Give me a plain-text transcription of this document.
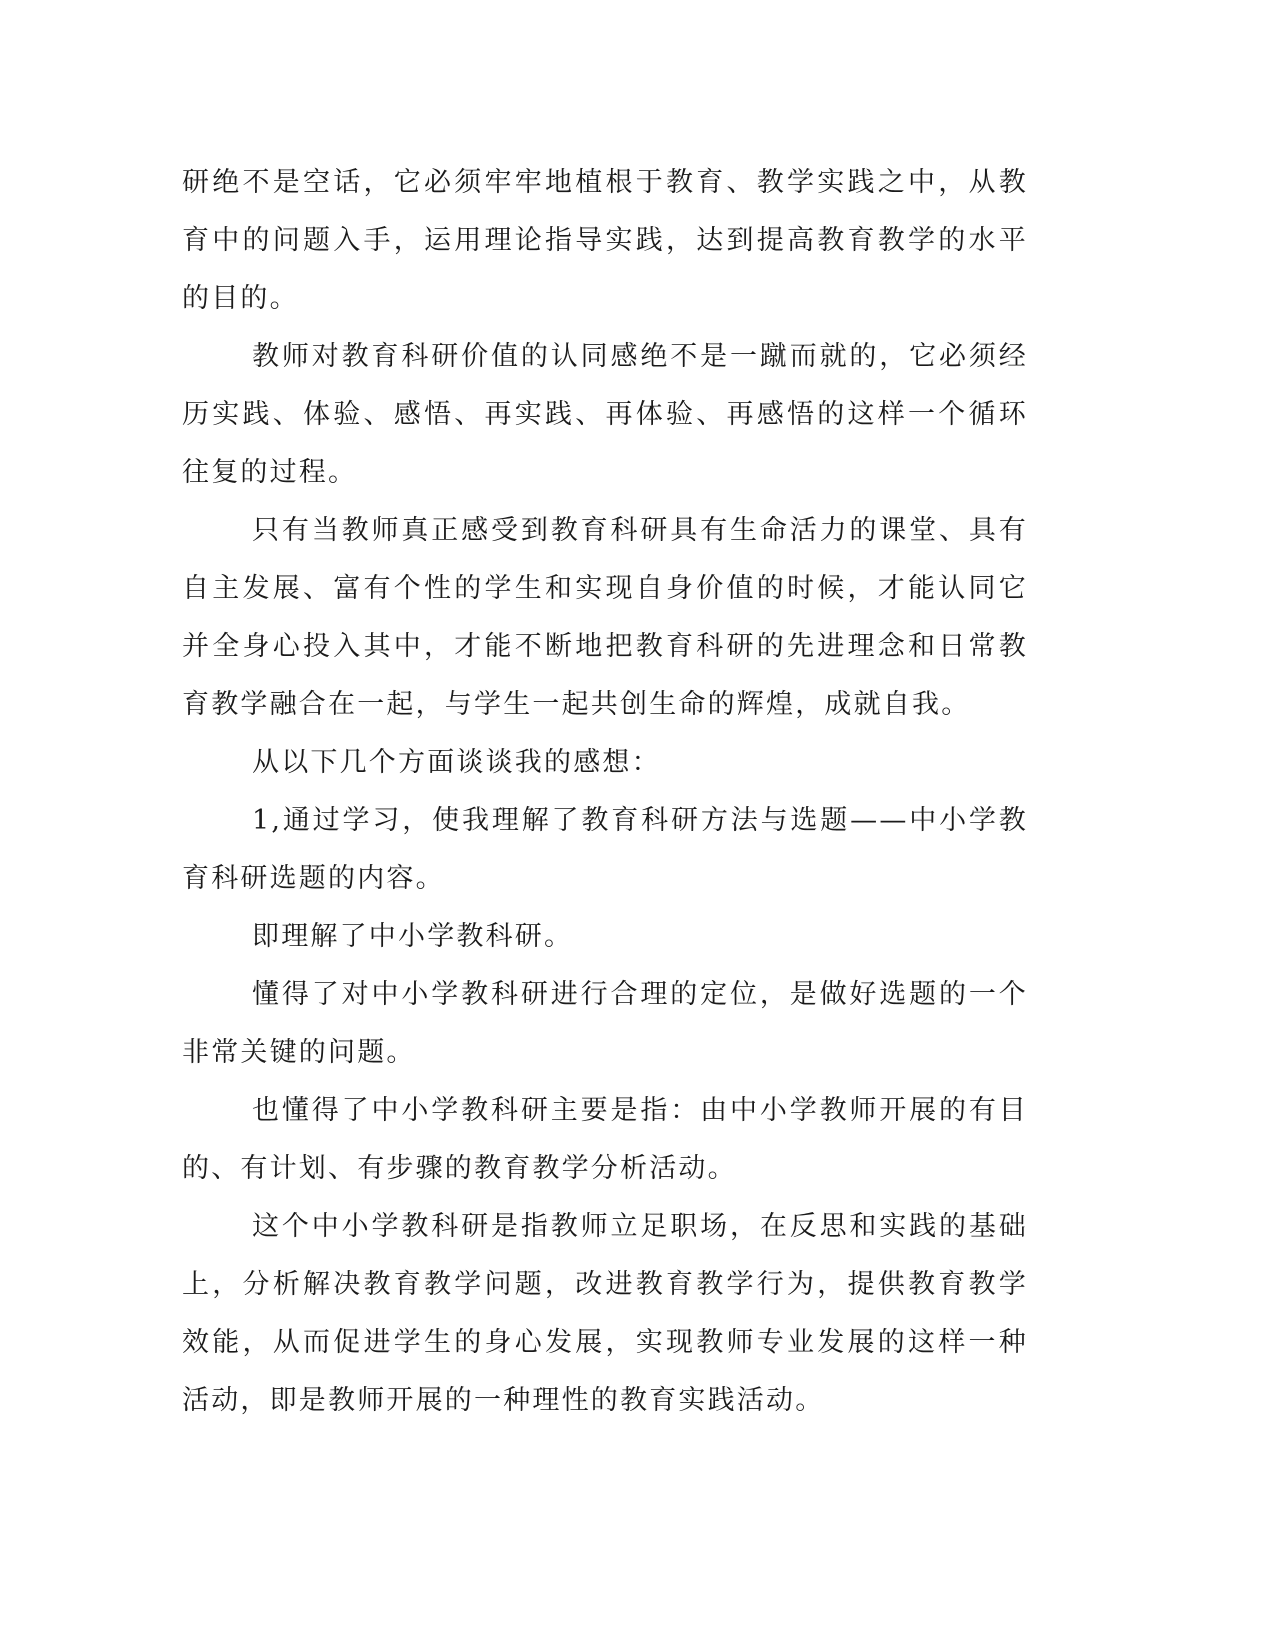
研绝不是空话，它必须牢牢地植根于教育、教学实践之中，从教育中的问题入手，运用理论指导实践，达到提高教育教学的水平的目的。

教师对教育科研价值的认同感绝不是一蹴而就的，它必须经历实践、体验、感悟、再实践、再体验、再感悟的这样一个循环往复的过程。

只有当教师真正感受到教育科研具有生命活力的课堂、具有自主发展、富有个性的学生和实现自身价值的时候，才能认同它并全身心投入其中，才能不断地把教育科研的先进理念和日常教育教学融合在一起，与学生一起共创生命的辉煌，成就自我。

从以下几个方面谈谈我的感想：

1,通过学习，使我理解了教育科研方法与选题——中小学教育科研选题的内容。

即理解了中小学教科研。

懂得了对中小学教科研进行合理的定位，是做好选题的一个非常关键的问题。

也懂得了中小学教科研主要是指：由中小学教师开展的有目的、有计划、有步骤的教育教学分析活动。

这个中小学教科研是指教师立足职场，在反思和实践的基础上，分析解决教育教学问题，改进教育教学行为，提供教育教学效能，从而促进学生的身心发展，实现教师专业发展的这样一种活动，即是教师开展的一种理性的教育实践活动。
